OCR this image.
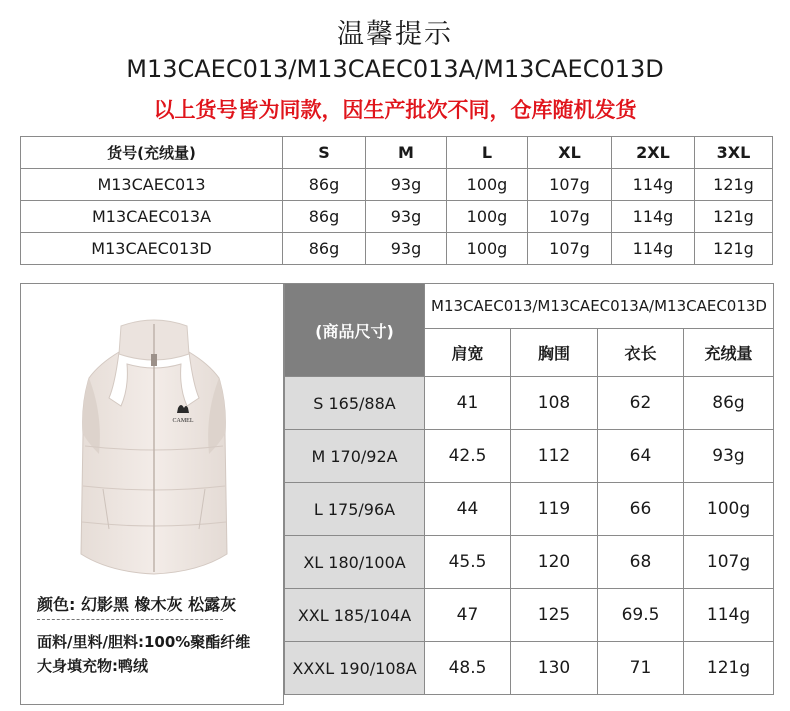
温馨提示
M13CAEC013/M13CAEC013A/M13CAEC013D
以上货号皆为同款，因生产批次不同，仓库随机发货
货号(充绒量)	S	M	L	XL	2XL	3XL
M13CAEC013	86g	93g	100g	107g	114g	121g
M13CAEC013A	86g	93g	100g	107g	114g	121g
M13CAEC013D	86g	93g	100g	107g	114g	121g
CAMEL
颜色: 幻影黑 橡木灰 松露灰
面料/里料/胆料:100%聚酯纤维
大身填充物:鸭绒
(商品尺寸)	M13CAEC013/M13CAEC013A/M13CAEC013D			
	肩宽	胸围	衣长	充绒量
S 165/88A	41	108	62	86g
M 170/92A	42.5	112	64	93g
L 175/96A	44	119	66	100g
XL 180/100A	45.5	120	68	107g
XXL 185/104A	47	125	69.5	114g
XXXL 190/108A	48.5	130	71	121g
